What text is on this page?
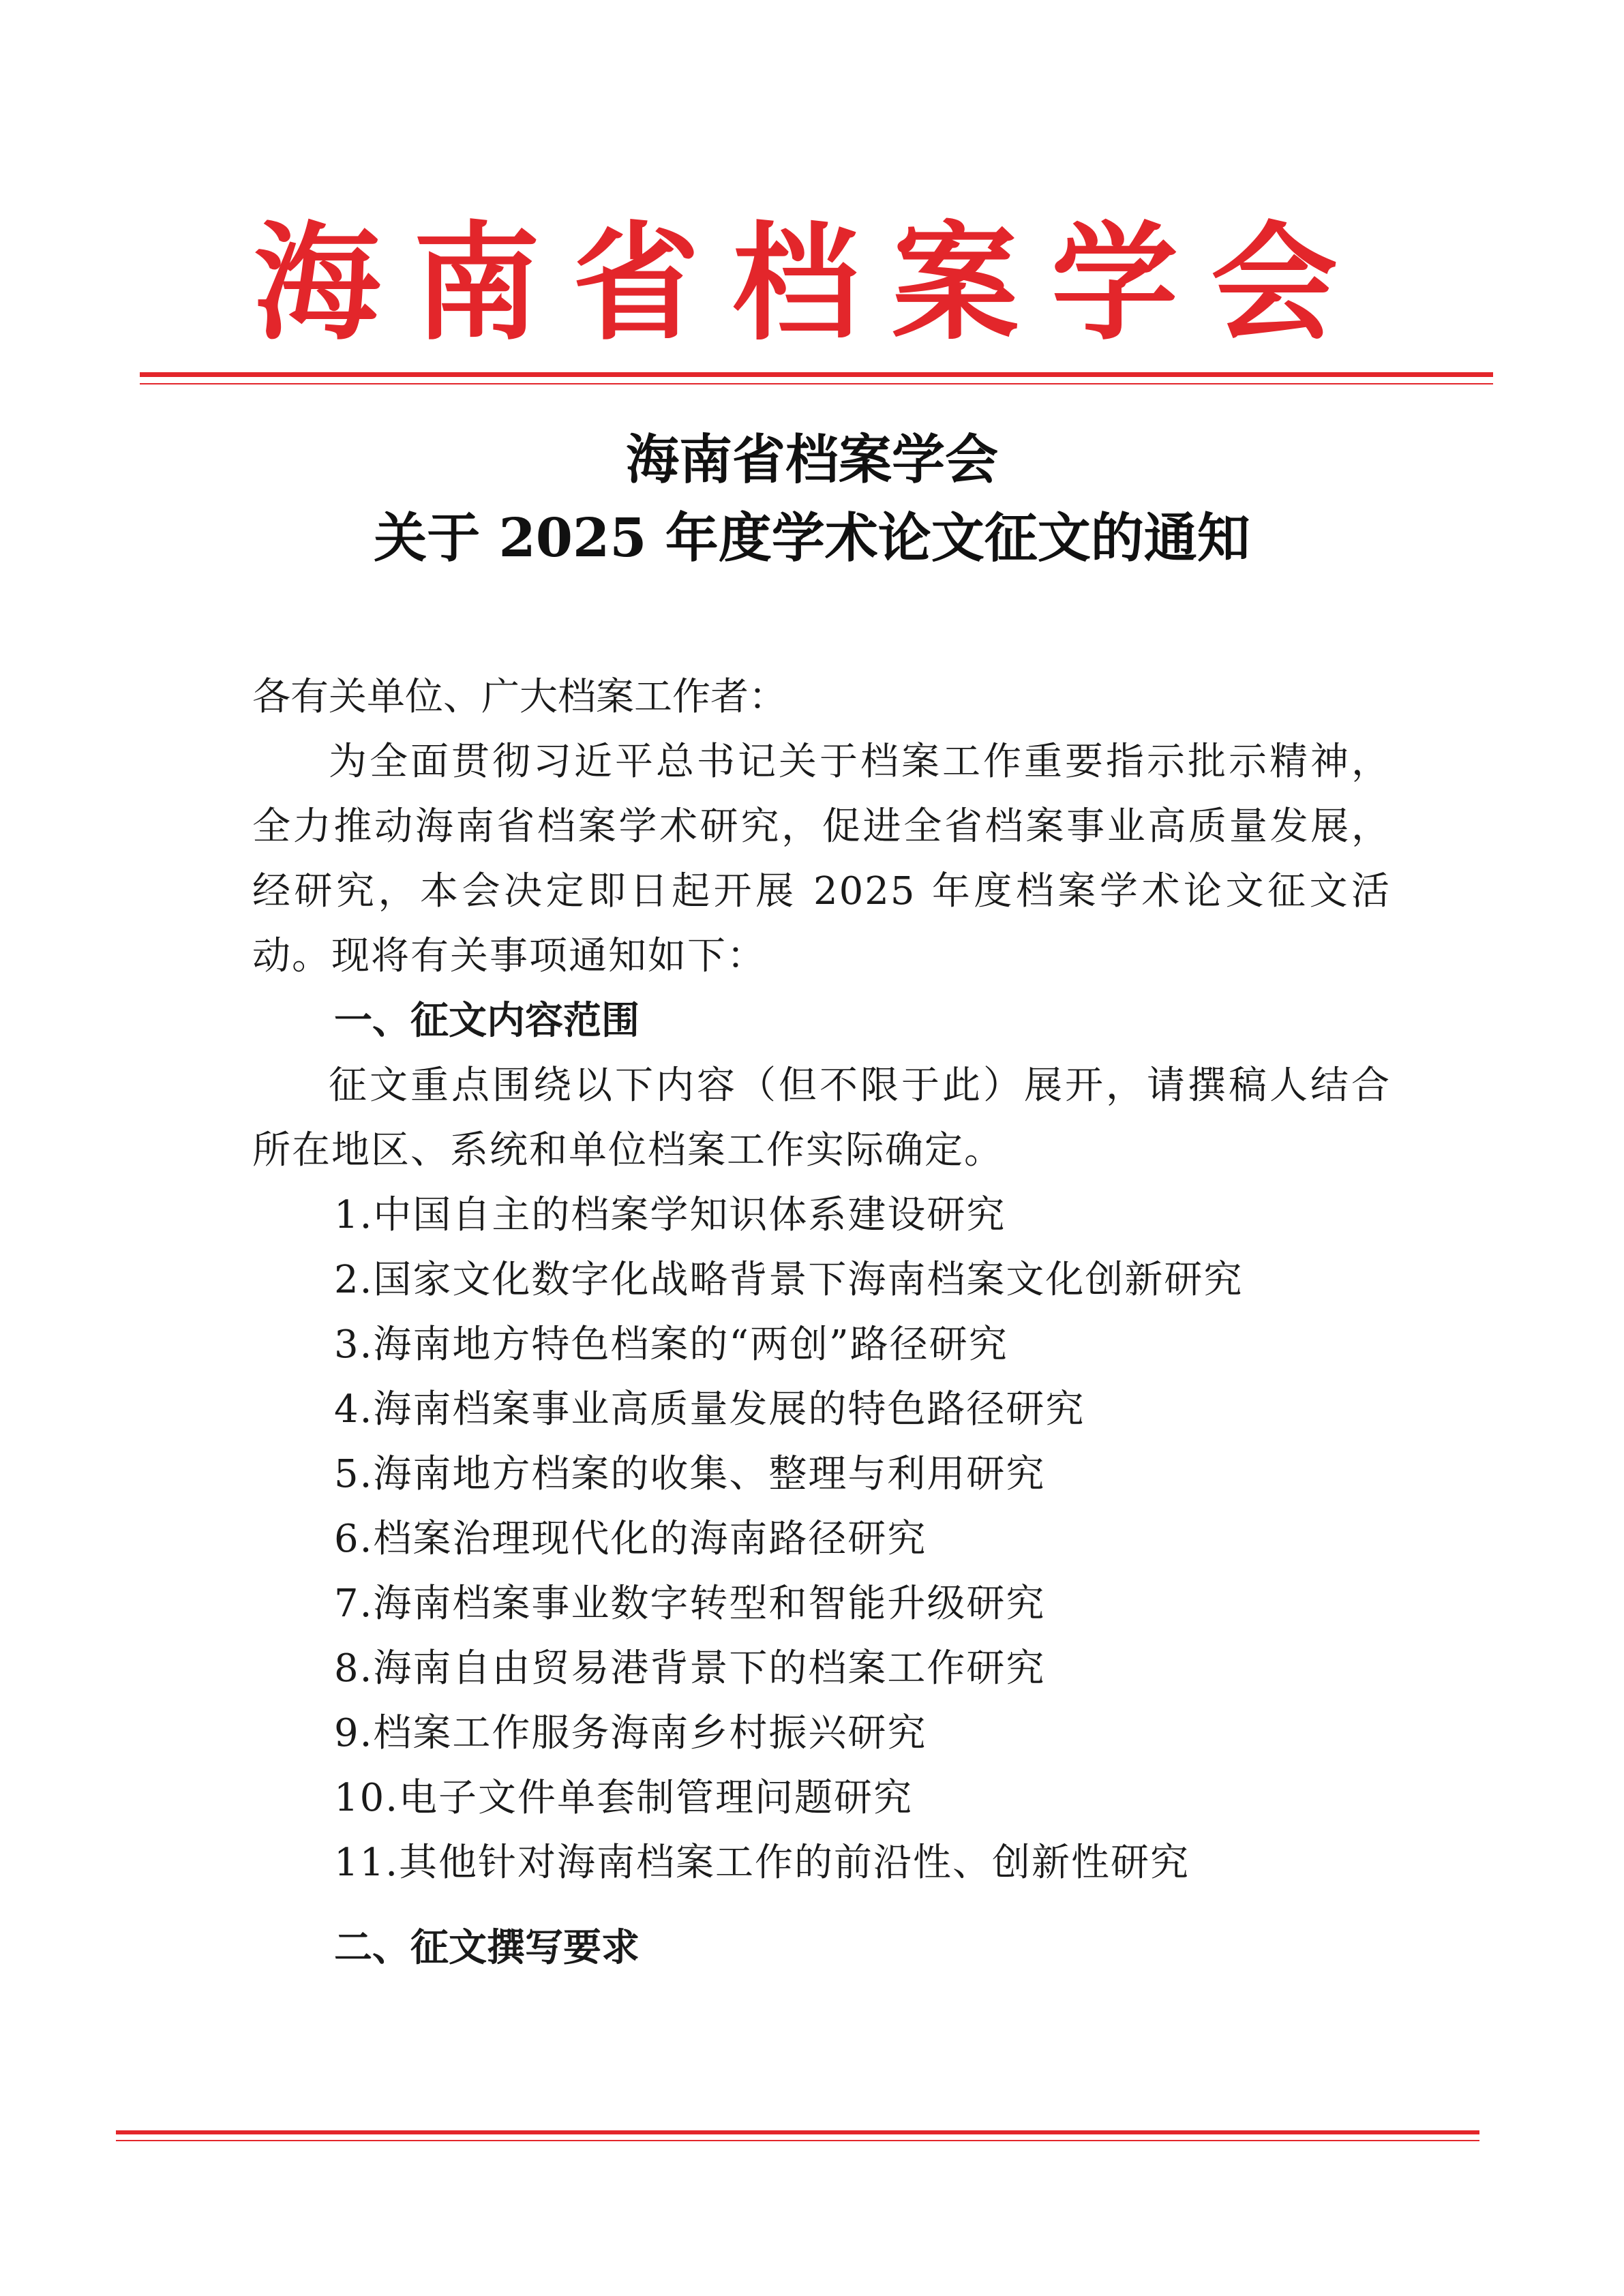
海南省档案学会
海南省档案学会
关于 2025 年度学术论文征文的通知
各有关单位、广大档案工作者：

为全面贯彻习近平总书记关于档案工作重要指示批示精神，全力推动海南省档案学术研究，促进全省档案事业高质量发展，经研究，本会决定即日起开展 2025 年度档案学术论文征文活动。现将有关事项通知如下：

一、征文内容范围

征文重点围绕以下内容（但不限于此）展开，请撰稿人结合所在地区、系统和单位档案工作实际确定。

1.中国自主的档案学知识体系建设研究
2.国家文化数字化战略背景下海南档案文化创新研究
3.海南地方特色档案的“两创”路径研究
4.海南档案事业高质量发展的特色路径研究
5.海南地方档案的收集、整理与利用研究
6.档案治理现代化的海南路径研究
7.海南档案事业数字转型和智能升级研究
8.海南自由贸易港背景下的档案工作研究
9.档案工作服务海南乡村振兴研究
10.电子文件单套制管理问题研究
11.其他针对海南档案工作的前沿性、创新性研究
二、征文撰写要求
